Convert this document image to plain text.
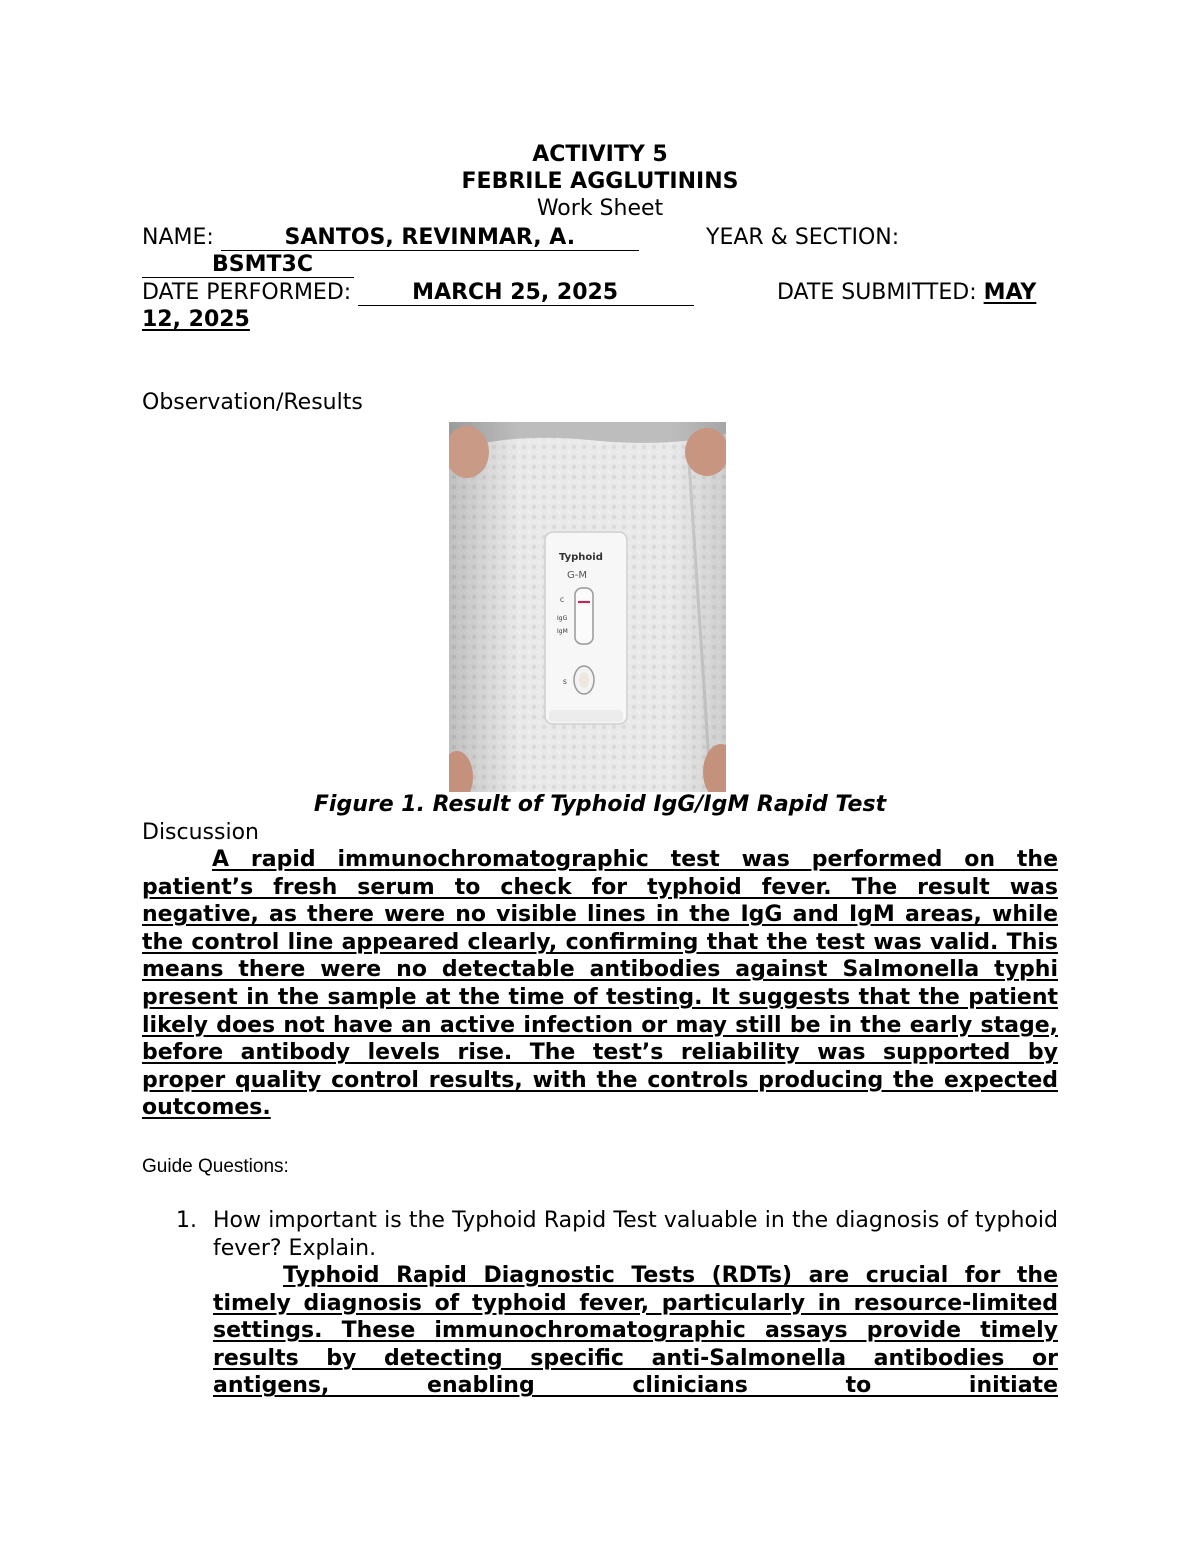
ACTIVITY 5
FEBRILE AGGLUTININS
Work Sheet
NAME:	SANTOS, REVINMAR, A.	YEAR & SECTION:
BSMT3C
DATE PERFORMED:	MARCH 25, 2025	DATE SUBMITTED: MAY
12, 2025
Observation/Results
Typhoid
G-M
C
IgG
IgM
S
Figure 1. Result of Typhoid IgG/IgM Rapid Test
Discussion
A rapid immunochromatographic test was performed on the patient’s fresh serum to check for typhoid fever. The result was negative, as there were no visible lines in the IgG and IgM areas, while the control line appeared clearly, confirming that the test was valid. This means there were no detectable antibodies against Salmonella typhi present in the sample at the time of testing. It suggests that the patient likely does not have an active infection or may still be in the early stage, before antibody levels rise. The test’s reliability was supported by proper quality control results, with the controls producing the expected outcomes.
Guide Questions:
1. How important is the Typhoid Rapid Test valuable in the diagnosis of typhoid fever? Explain.
Typhoid Rapid Diagnostic Tests (RDTs) are crucial for the timely diagnosis of typhoid fever, particularly in resource-limited settings. These immunochromatographic assays provide timely results by detecting specific anti-Salmonella antibodies or antigens, enabling clinicians to initiate
